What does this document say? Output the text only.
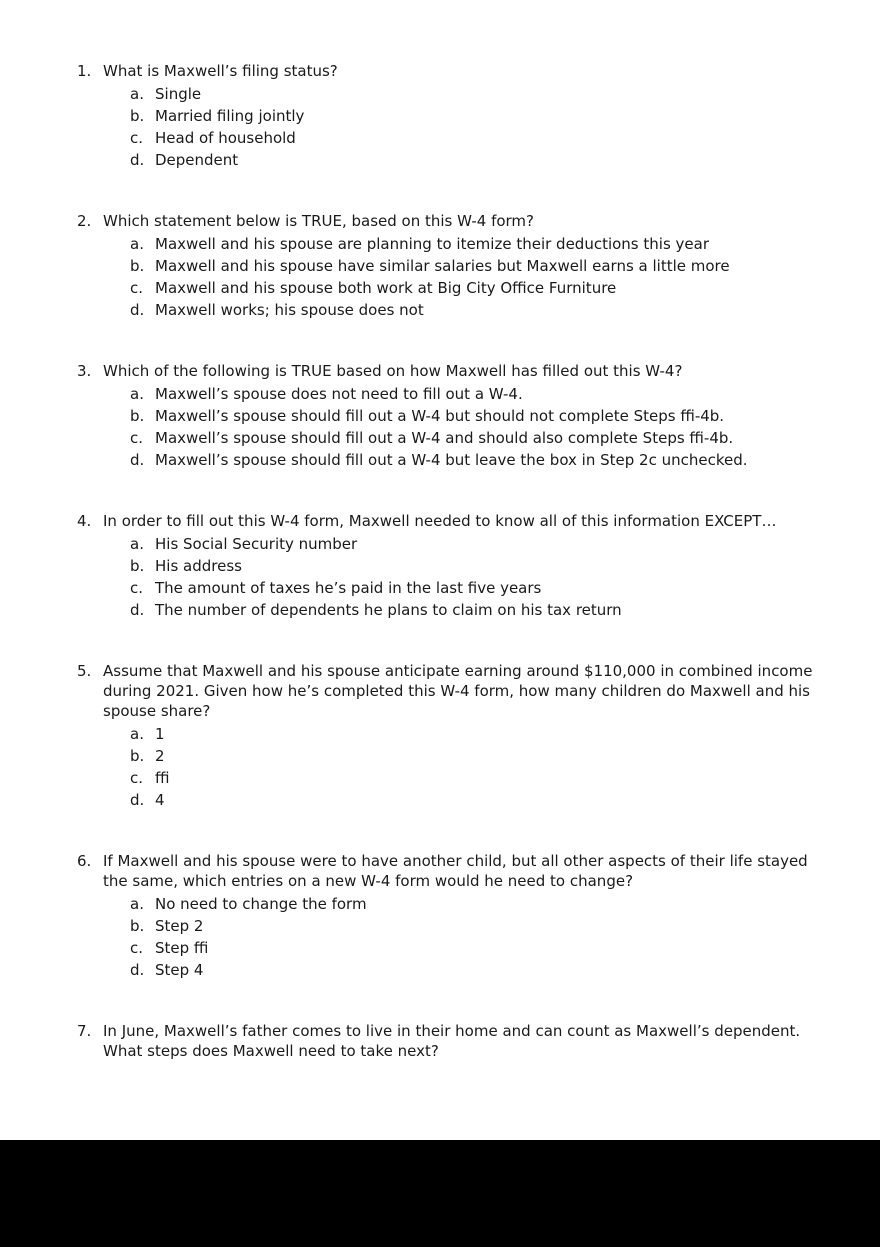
1. What is Maxwell’s filing status?

a. Single
b. Married filing jointly
c. Head of household
d. Dependent
2. Which statement below is TRUE, based on this W-4 form?

a. Maxwell and his spouse are planning to itemize their deductions this year
b. Maxwell and his spouse have similar salaries but Maxwell earns a little more
c. Maxwell and his spouse both work at Big City Office Furniture
d. Maxwell works; his spouse does not
3. Which of the following is TRUE based on how Maxwell has filled out this W-4?

a. Maxwell’s spouse does not need to fill out a W-4.
b. Maxwell’s spouse should fill out a W-4 but should not complete Steps ffi-4b.
c. Maxwell’s spouse should fill out a W-4 and should also complete Steps ffi-4b.
d. Maxwell’s spouse should fill out a W-4 but leave the box in Step 2c unchecked.
4. In order to fill out this W-4 form, Maxwell needed to know all of this information EXCEPT…

a. His Social Security number
b. His address
c. The amount of taxes he’s paid in the last five years
d. The number of dependents he plans to claim on his tax return
5. Assume that Maxwell and his spouse anticipate earning around $110,000 in combined income during 2021. Given how he’s completed this W-4 form, how many children do Maxwell and his spouse share?

a. 1
b. 2
c. ffi
d. 4
6. If Maxwell and his spouse were to have another child, but all other aspects of their life stayed the same, which entries on a new W-4 form would he need to change?

a. No need to change the form
b. Step 2
c. Step ffi
d. Step 4
7. In June, Maxwell’s father comes to live in their home and can count as Maxwell’s dependent. What steps does Maxwell need to take next?
